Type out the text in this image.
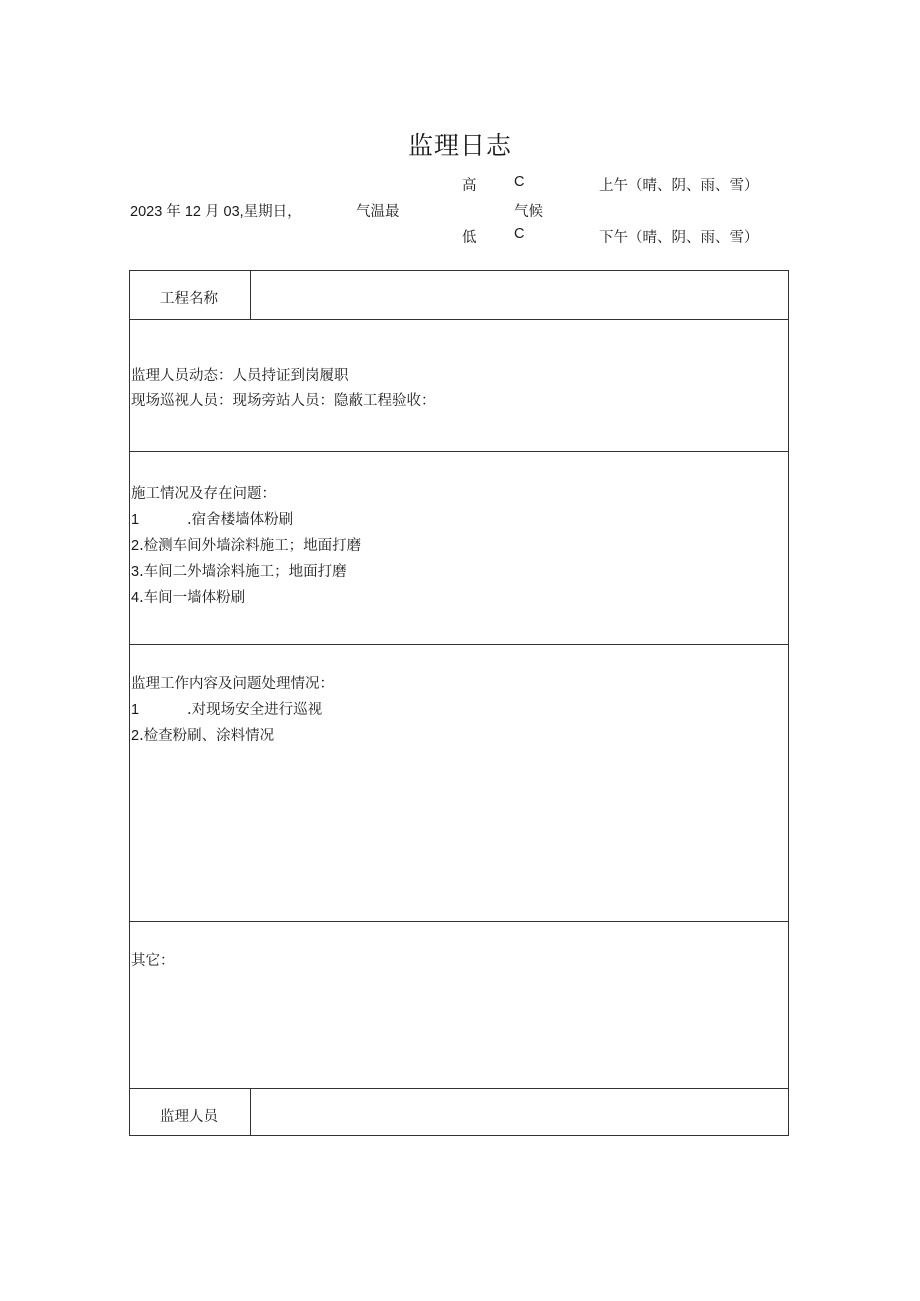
监理日志
高	C	上午（晴、阴、雨、雪）
2023 年 12 月 03,星期日，	气温最	气候
低	C	下午（晴、阴、雨、雪）
工程名称
监理人员动态：人员持证到岗履职
现场巡视人员：现场旁站人员：隐蔽工程验收：
施工情况及存在问题：
1	.宿舍楼墙体粉刷
2.检测车间外墙涂料施工；地面打磨
3.车间二外墙涂料施工；地面打磨
4.车间一墙体粉刷
监理工作内容及问题处理情况：
1	.对现场安全进行巡视
2.检查粉刷、涂料情况
其它：
监理人员
